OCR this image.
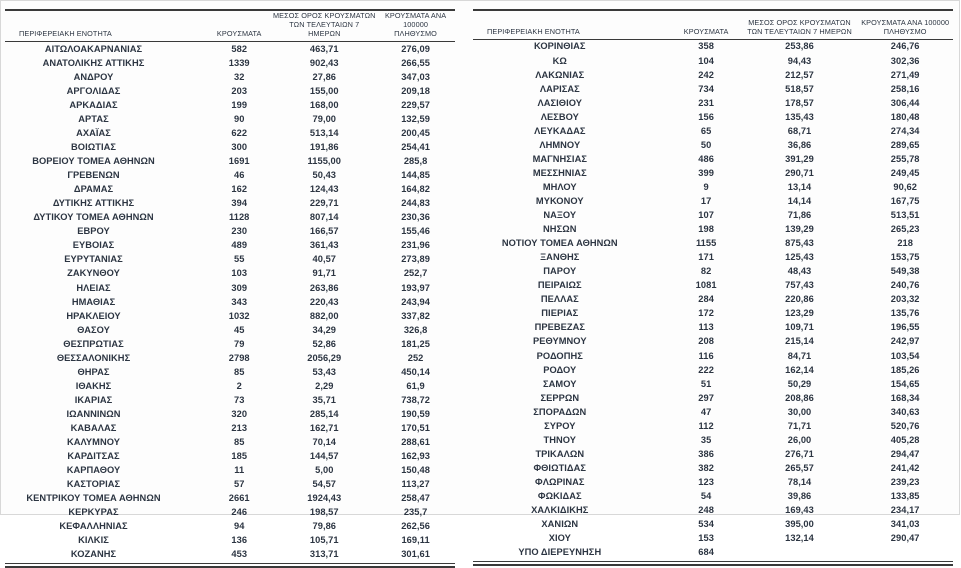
ΠΕΡΙΦΕΡΕΙΑΚΗ ΕΝΟΤΗΤΑ	ΚΡΟΥΣΜΑΤΑ	ΜΕΣΟΣ ΟΡΟΣ ΚΡΟΥΣΜΑΤΩΝ
ΤΩΝ ΤΕΛΕΥΤΑΙΩΝ 7 ΗΜΕΡΩΝ	ΚΡΟΥΣΜΑΤΑ ΑΝΑ 100000
ΠΛΗΘΥΣΜΟ

ΑΙΤΩΛΟΑΚΑΡΝΑΝΙΑΣ	582	463,71	276,09
ΑΝΑΤΟΛΙΚΗΣ ΑΤΤΙΚΗΣ	1339	902,43	266,55
ΑΝΔΡΟΥ	32	27,86	347,03
ΑΡΓΟΛΙΔΑΣ	203	155,00	209,18
ΑΡΚΑΔΙΑΣ	199	168,00	229,57
ΑΡΤΑΣ	90	79,00	132,59
ΑΧΑΪΑΣ	622	513,14	200,45
ΒΟΙΩΤΙΑΣ	300	191,86	254,41
ΒΟΡΕΙΟΥ ΤΟΜΕΑ ΑΘΗΝΩΝ	1691	1155,00	285,8
ΓΡΕΒΕΝΩΝ	46	50,43	144,85
ΔΡΑΜΑΣ	162	124,43	164,82
ΔΥΤΙΚΗΣ ΑΤΤΙΚΗΣ	394	229,71	244,83
ΔΥΤΙΚΟΥ ΤΟΜΕΑ ΑΘΗΝΩΝ	1128	807,14	230,36
ΕΒΡΟΥ	230	166,57	155,46
ΕΥΒΟΙΑΣ	489	361,43	231,96
ΕΥΡΥΤΑΝΙΑΣ	55	40,57	273,89
ΖΑΚΥΝΘΟΥ	103	91,71	252,7
ΗΛΕΙΑΣ	309	263,86	193,97
ΗΜΑΘΙΑΣ	343	220,43	243,94
ΗΡΑΚΛΕΙΟΥ	1032	882,00	337,82
ΘΑΣΟΥ	45	34,29	326,8
ΘΕΣΠΡΩΤΙΑΣ	79	52,86	181,25
ΘΕΣΣΑΛΟΝΙΚΗΣ	2798	2056,29	252
ΘΗΡΑΣ	85	53,43	450,14
ΙΘΑΚΗΣ	2	2,29	61,9
ΙΚΑΡΙΑΣ	73	35,71	738,72
ΙΩΑΝΝΙΝΩΝ	320	285,14	190,59
ΚΑΒΑΛΑΣ	213	162,71	170,51
ΚΑΛΥΜΝΟΥ	85	70,14	288,61
ΚΑΡΔΙΤΣΑΣ	185	144,57	162,93
ΚΑΡΠΑΘΟΥ	11	5,00	150,48
ΚΑΣΤΟΡΙΑΣ	57	54,57	113,27
ΚΕΝΤΡΙΚΟΥ ΤΟΜΕΑ ΑΘΗΝΩΝ	2661	1924,43	258,47
ΚΕΡΚΥΡΑΣ	246	198,57	235,7
ΚΕΦΑΛΛΗΝΙΑΣ	94	79,86	262,56
ΚΙΛΚΙΣ	136	105,71	169,11
ΚΟΖΑΝΗΣ	453	313,71	301,61
ΠΕΡΙΦΕΡΕΙΑΚΗ ΕΝΟΤΗΤΑ	ΚΡΟΥΣΜΑΤΑ	ΜΕΣΟΣ ΟΡΟΣ ΚΡΟΥΣΜΑΤΩΝ
ΤΩΝ ΤΕΛΕΥΤΑΙΩΝ 7 ΗΜΕΡΩΝ	ΚΡΟΥΣΜΑΤΑ ΑΝΑ 100000
ΠΛΗΘΥΣΜΟ

ΚΟΡΙΝΘΙΑΣ	358	253,86	246,76
ΚΩ	104	94,43	302,36
ΛΑΚΩΝΙΑΣ	242	212,57	271,49
ΛΑΡΙΣΑΣ	734	518,57	258,16
ΛΑΣΙΘΙΟΥ	231	178,57	306,44
ΛΕΣΒΟΥ	156	135,43	180,48
ΛΕΥΚΑΔΑΣ	65	68,71	274,34
ΛΗΜΝΟΥ	50	36,86	289,65
ΜΑΓΝΗΣΙΑΣ	486	391,29	255,78
ΜΕΣΣΗΝΙΑΣ	399	290,71	249,45
ΜΗΛΟΥ	9	13,14	90,62
ΜΥΚΟΝΟΥ	17	14,14	167,75
ΝΑΞΟΥ	107	71,86	513,51
ΝΗΣΩΝ	198	139,29	265,23
ΝΟΤΙΟΥ ΤΟΜΕΑ ΑΘΗΝΩΝ	1155	875,43	218
ΞΑΝΘΗΣ	171	125,43	153,75
ΠΑΡΟΥ	82	48,43	549,38
ΠΕΙΡΑΙΩΣ	1081	757,43	240,76
ΠΕΛΛΑΣ	284	220,86	203,32
ΠΙΕΡΙΑΣ	172	123,29	135,76
ΠΡΕΒΕΖΑΣ	113	109,71	196,55
ΡΕΘΥΜΝΟΥ	208	215,14	242,97
ΡΟΔΟΠΗΣ	116	84,71	103,54
ΡΟΔΟΥ	222	162,14	185,26
ΣΑΜΟΥ	51	50,29	154,65
ΣΕΡΡΩΝ	297	208,86	168,34
ΣΠΟΡΑΔΩΝ	47	30,00	340,63
ΣΥΡΟΥ	112	71,71	520,76
ΤΗΝΟΥ	35	26,00	405,28
ΤΡΙΚΑΛΩΝ	386	276,71	294,47
ΦΘΙΩΤΙΔΑΣ	382	265,57	241,42
ΦΛΩΡΙΝΑΣ	123	78,14	239,23
ΦΩΚΙΔΑΣ	54	39,86	133,85
ΧΑΛΚΙΔΙΚΗΣ	248	169,43	234,17
ΧΑΝΙΩΝ	534	395,00	341,03
ΧΙΟΥ	153	132,14	290,47
ΥΠΟ ΔΙΕΡΕΥΝΗΣΗ	684		
